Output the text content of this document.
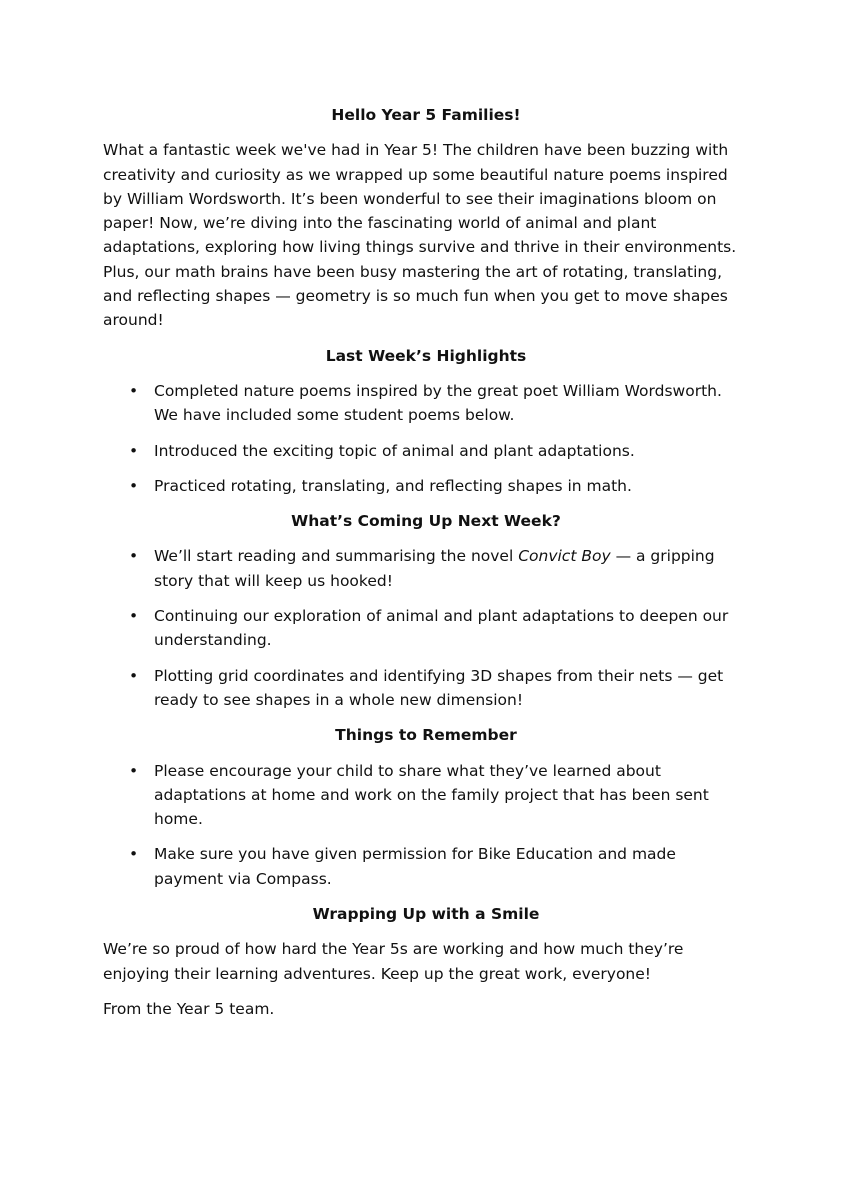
Hello Year 5 Families!

What a fantastic week we've had in Year 5! The children have been buzzing with creativity and curiosity as we wrapped up some beautiful nature poems inspired by William Wordsworth. It’s been wonderful to see their imaginations bloom on paper! Now, we’re diving into the fascinating world of animal and plant adaptations, exploring how living things survive and thrive in their environments. Plus, our math brains have been busy mastering the art of rotating, translating, and reflecting shapes — geometry is so much fun when you get to move shapes around!

Last Week’s Highlights
• Completed nature poems inspired by the great poet William Wordsworth. We have included some student poems below.
• Introduced the exciting topic of animal and plant adaptations.
• Practiced rotating, translating, and reflecting shapes in math.
What’s Coming Up Next Week?
• We’ll start reading and summarising the novel Convict Boy — a gripping story that will keep us hooked!
• Continuing our exploration of animal and plant adaptations to deepen our understanding.
• Plotting grid coordinates and identifying 3D shapes from their nets — get ready to see shapes in a whole new dimension!
Things to Remember
• Please encourage your child to share what they’ve learned about adaptations at home and work on the family project that has been sent home.
• Make sure you have given permission for Bike Education and made payment via Compass.
Wrapping Up with a Smile

We’re so proud of how hard the Year 5s are working and how much they’re enjoying their learning adventures. Keep up the great work, everyone!

From the Year 5 team.
